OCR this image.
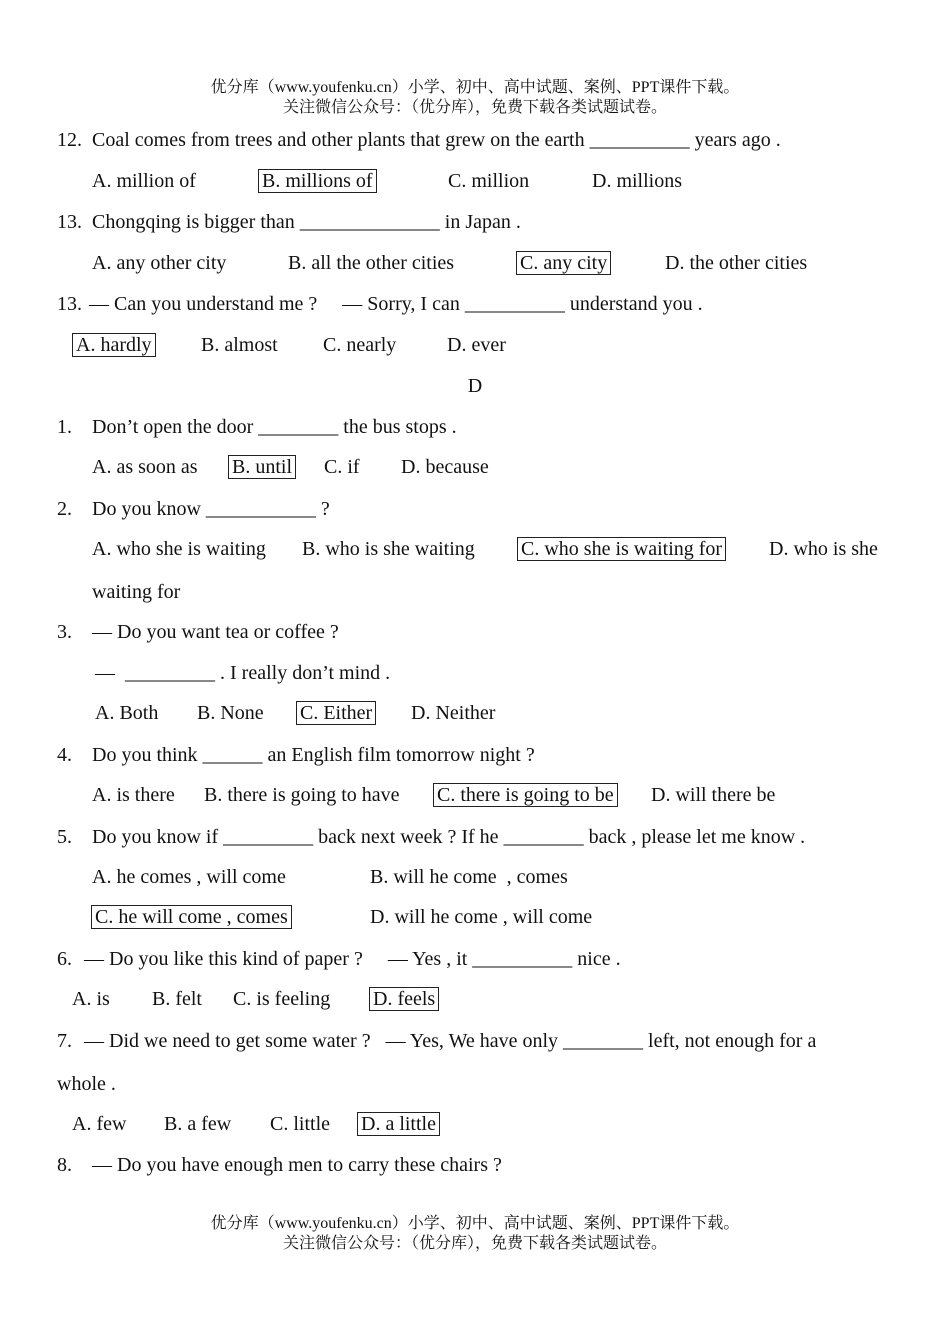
优分库（www.youfenku.cn）小学、初中、高中试题、案例、PPT课件下载。
关注微信公众号：（优分库），免费下载各类试题试卷。
12. Coal comes from trees and other plants that grew on the earth __________ years ago .
A. million of	B. millions of	C. million	D. millions
13. Chongqing is bigger than ______________ in Japan .
A. any other city	B. all the other cities	C. any city	D. the other cities
13. — Can you understand me ?     — Sorry, I can __________ understand you .
A. hardly B. almost C. nearly	D. ever
D
1. Don’t open the door ________ the bus stops .
A. as soon as B. until C. if D. because
2. Do you know ___________ ?
A. who she is waiting B. who is she waiting C. who she is waiting for D. who is she
waiting for
3. — Do you want tea or coffee ?
—  _________ . I really don’t mind .
A. Both B. None C. Either D. Neither
4. Do you think ______ an English film tomorrow night ?
A. is there B. there is going to have C. there is going to be D. will there be
5. Do you know if _________ back next week ? If he ________ back , please let me know .
A. he comes , will come	B. will he come  , comes
C. he will come , comes	D. will he come , will come
6. — Do you like this kind of paper ?     — Yes , it __________ nice .
A. is B. felt C. is feeling D. feels
7. — Did we need to get some water ?   — Yes, We have only ________ left, not enough for a
whole .
A. few B. a few C. little D. a little
8. — Do you have enough men to carry these chairs ?
优分库（www.youfenku.cn）小学、初中、高中试题、案例、PPT课件下载。
关注微信公众号：（优分库），免费下载各类试题试卷。
